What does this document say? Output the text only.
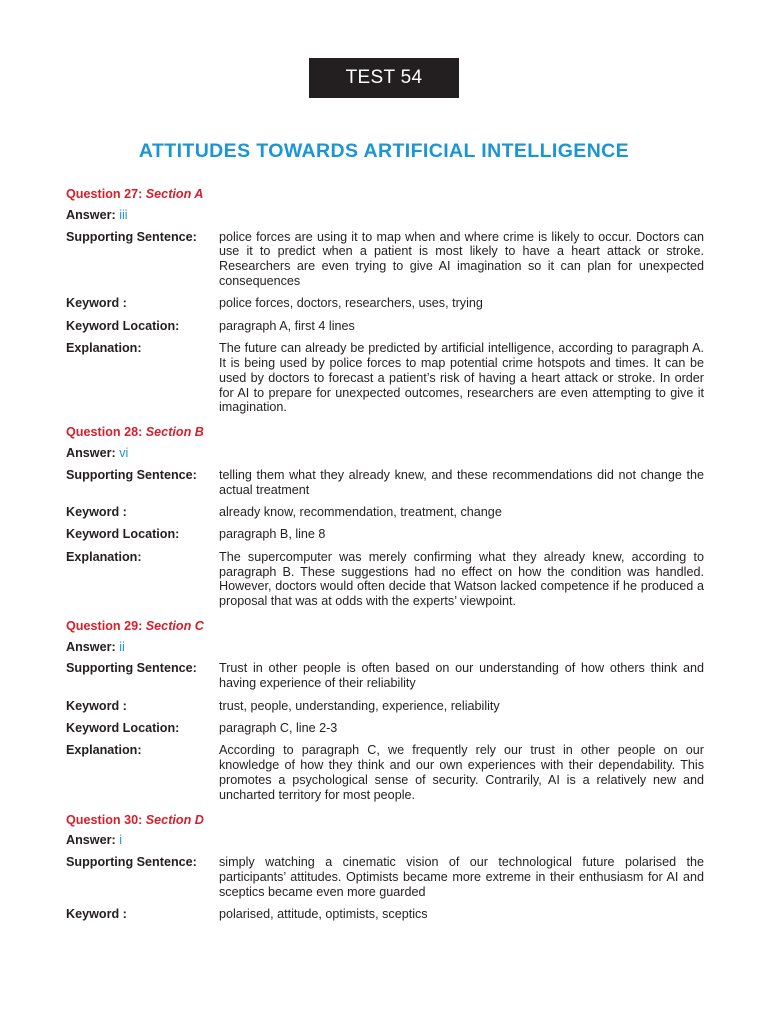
TEST 54
ATTITUDES TOWARDS ARTIFICIAL INTELLIGENCE
Question 27: Section A
Answer: iii
Supporting Sentence:	police forces are using it to map when and where crime is likely to occur. Doctors can use it to predict when a patient is most likely to have a heart attack or stroke. Researchers are even trying to give AI imagination so it can plan for unexpected consequences
Keyword :	police forces, doctors, researchers, uses, trying
Keyword Location:	paragraph A, first 4 lines
Explanation:	The future can already be predicted by artificial intelligence, according to paragraph A. It is being used by police forces to map potential crime hotspots and times. It can be used by doctors to forecast a patient’s risk of having a heart attack or stroke. In order for AI to prepare for unexpected outcomes, researchers are even attempting to give it imagination.
Question 28: Section B
Answer: vi
Supporting Sentence:	telling them what they already knew, and these recommendations did not change the actual treatment
Keyword :	already know, recommendation, treatment, change
Keyword Location:	paragraph B, line 8
Explanation:	The supercomputer was merely confirming what they already knew, according to paragraph B. These suggestions had no effect on how the condition was handled. However, doctors would often decide that Watson lacked competence if he produced a proposal that was at odds with the experts’ viewpoint.
Question 29: Section C
Answer: ii
Supporting Sentence:	Trust in other people is often based on our understanding of how others think and having experience of their reliability
Keyword :	trust, people, understanding, experience, reliability
Keyword Location:	paragraph C, line 2-3
Explanation:	According to paragraph C, we frequently rely our trust in other people on our knowledge of how they think and our own experiences with their dependability. This promotes a psychological sense of security. Contrarily, AI is a relatively new and uncharted territory for most people.
Question 30: Section D
Answer: i
Supporting Sentence:	simply watching a cinematic vision of our technological future polarised the participants’ attitudes. Optimists became more extreme in their enthusiasm for AI and sceptics became even more guarded
Keyword :	polarised, attitude, optimists, sceptics
